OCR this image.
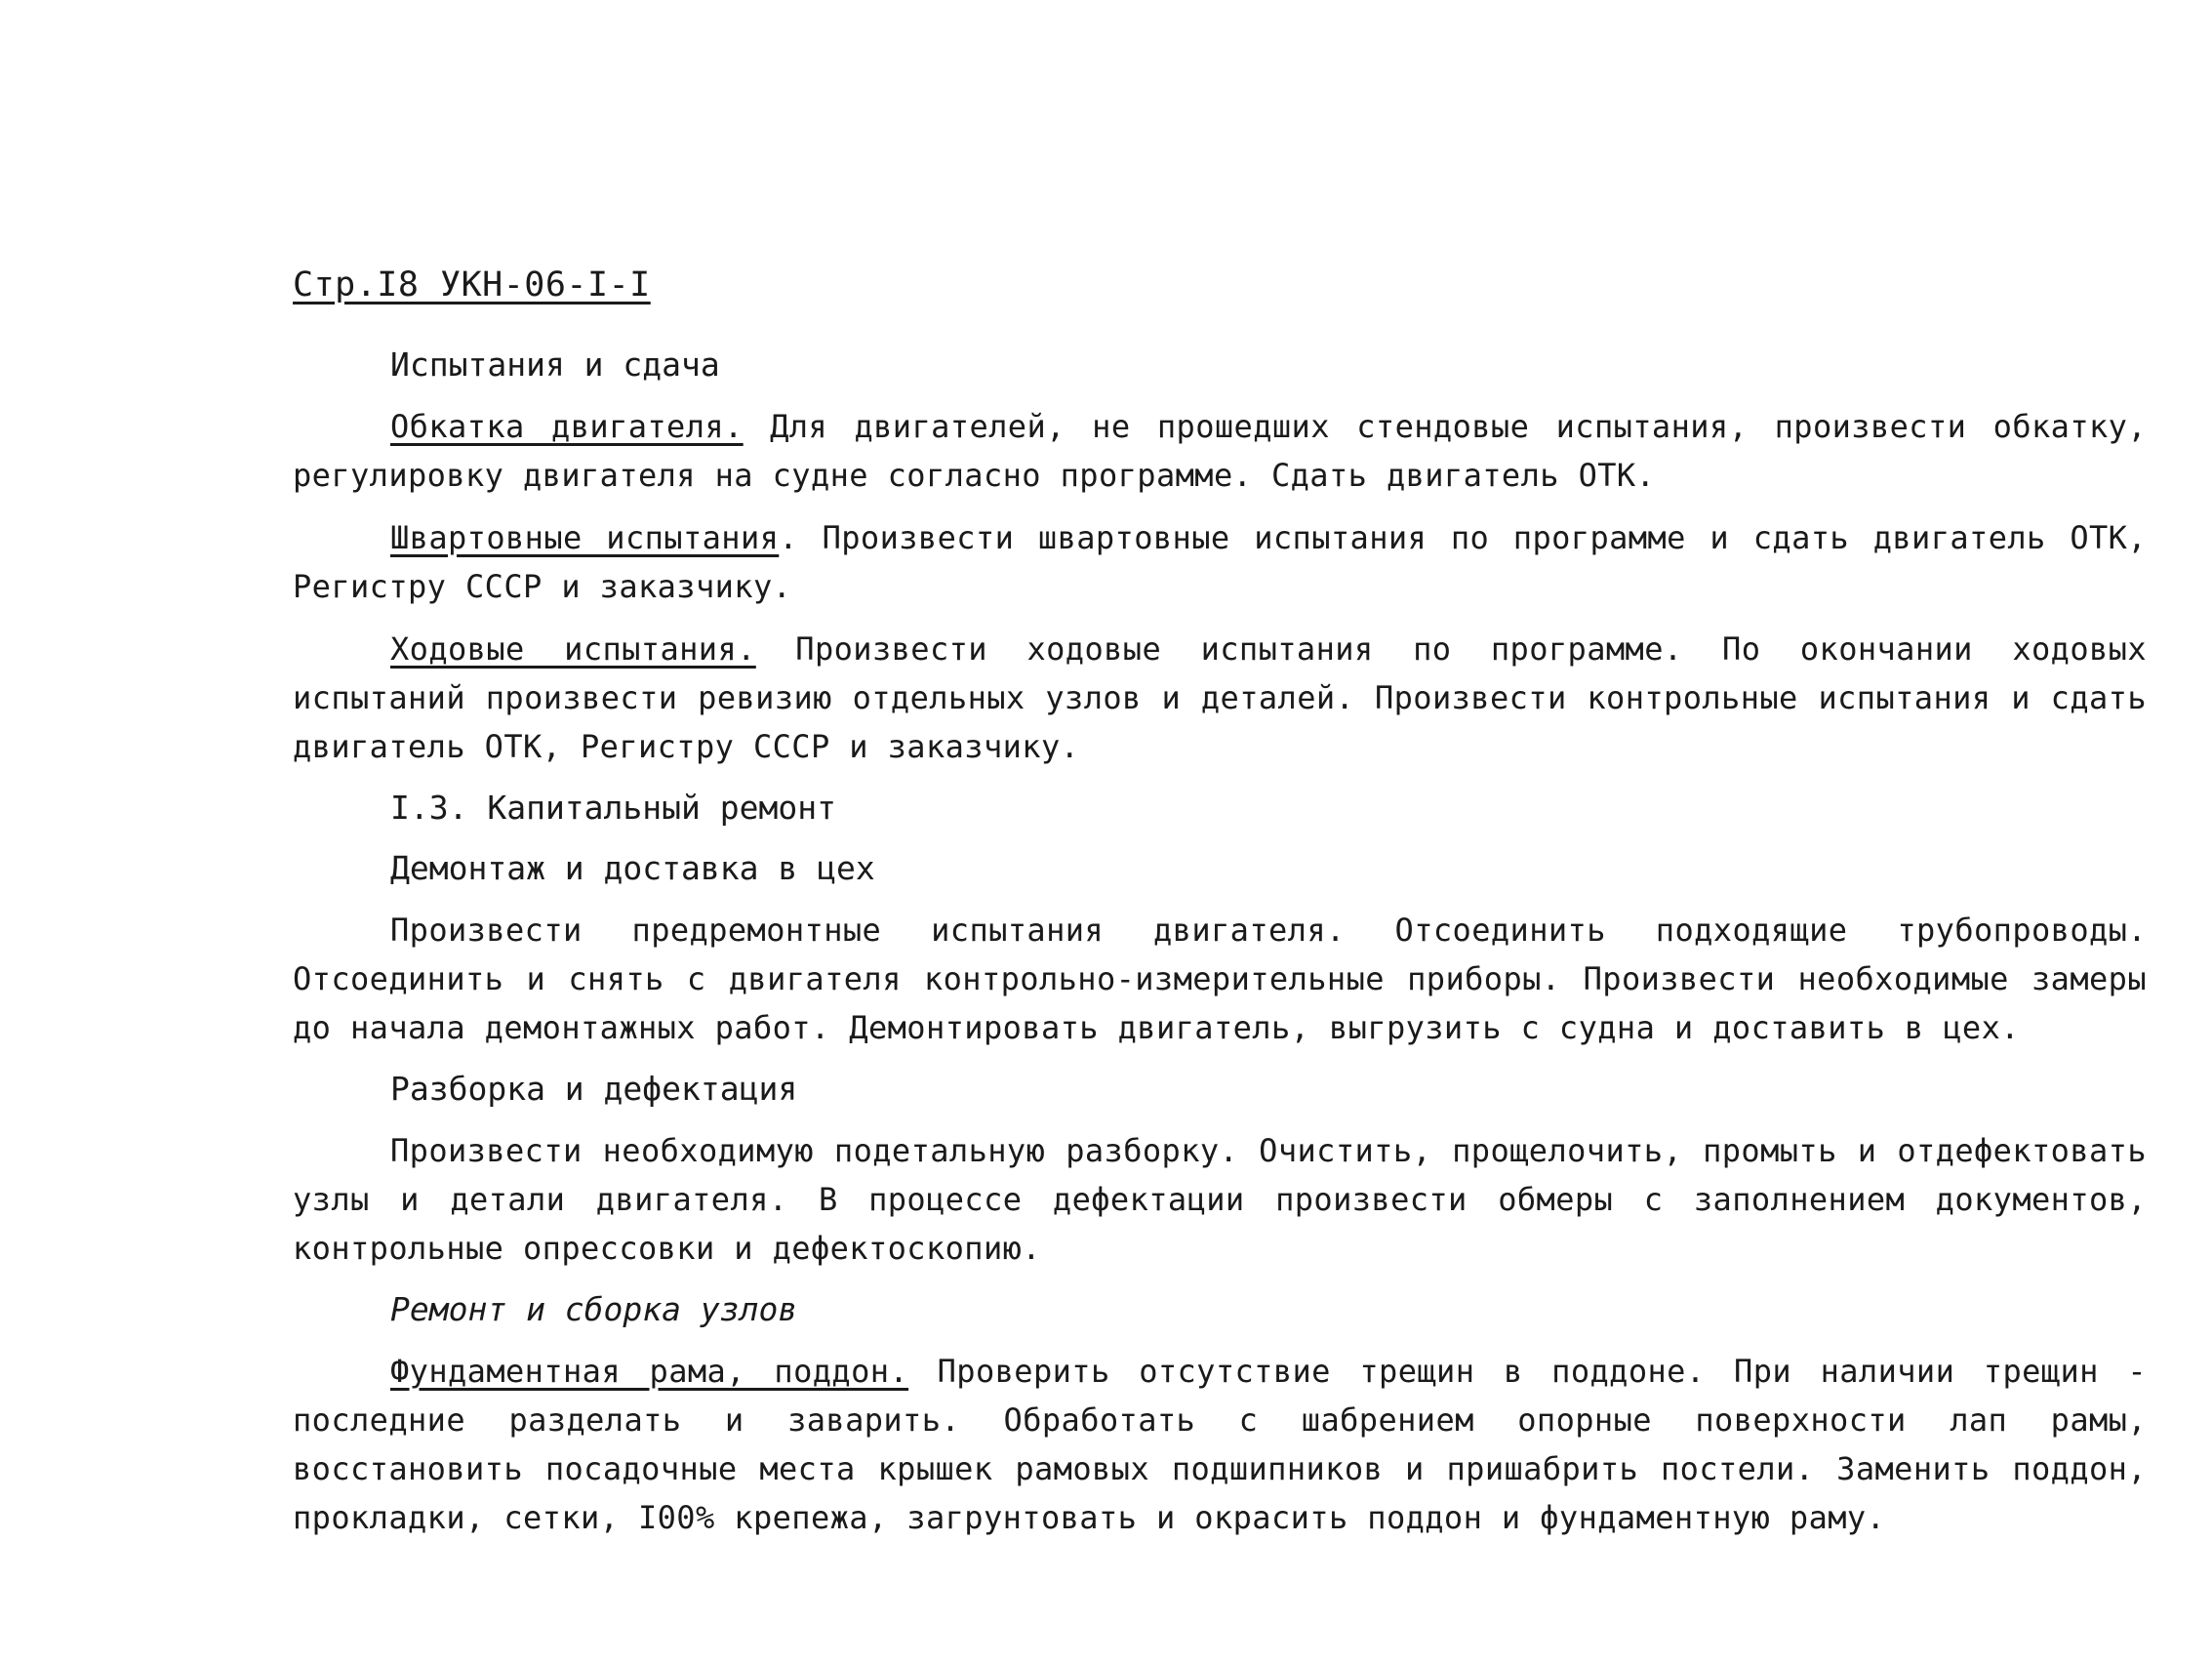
Стр.I8 УКН-06-I-I
Испытания и сдача

Обкатка двигателя. Для двигателей, не прошедших стендовые испытания, произвести обкатку, регулировку двигателя на судне согласно программе. Сдать двигатель ОТК.

Швартовные испытания. Произвести швартовные испытания по программе и сдать двигатель ОТК, Регистру СССР и заказчику.

Ходовые испытания. Произвести ходовые испытания по программе. По окончании ходовых испытаний произвести ревизию отдельных узлов и деталей. Произвести контрольные испытания и сдать двигатель ОТК, Регистру СССР и заказчику.

I.3. Капитальный ремонт
Демонтаж и доставка в цех

Произвести предремонтные испытания двигателя. Отсоединить подходящие трубопроводы. Отсоединить и снять с двигателя контрольно-измерительные приборы. Произвести необходимые замеры до начала демонтажных работ. Демонтировать двигатель, выгрузить с судна и доставить в цех.

Разборка и дефектация

Произвести необходимую подетальную разборку. Очистить, прощелочить, промыть и отдефектовать узлы и детали двигателя. В процессе дефектации произвести обмеры с заполнением документов, контрольные опрессовки и дефектоскопию.

Ремонт и сборка узлов

Фундаментная рама, поддон. Проверить отсутствие трещин в поддоне. При наличии трещин - последние разделать и заварить. Обработать с шабрением опорные поверхности лап рамы, восстановить посадочные места крышек рамовых подшипников и пришабрить постели. Заменить поддон, прокладки, сетки, I00% крепежа, загрунтовать и окрасить поддон и фундаментную раму.
